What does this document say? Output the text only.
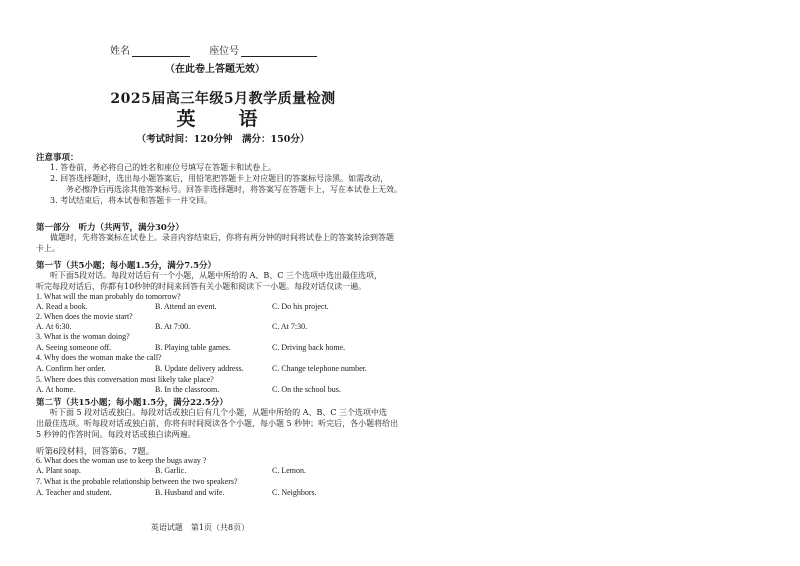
姓名	座位号
（在此卷上答题无效）
2025届高三年级5月教学质量检测
英　语
（考试时间：120分钟　满分：150分）
注意事项：
1. 答卷前，务必将自己的姓名和座位号填写在答题卡和试卷上。
2. 回答选择题时，选出每小题答案后，用铅笔把答题卡上对应题目的答案标号涂黑。如需改动，
务必擦净后再选涂其他答案标号。回答非选择题时，将答案写在答题卡上，写在本试卷上无效。
3. 考试结束后，将本试卷和答题卡一并交回。
第一部分　听力（共两节，满分30分）
做题时，先将答案标在试卷上。录音内容结束后，你将有两分钟的时间将试卷上的答案转涂到答题
卡上。
第一节（共5小题；每小题1.5分，满分7.5分）
听下面5段对话。每段对话后有一个小题，从题中所给的 A、B、C 三个选项中选出最佳选项，
听完每段对话后，你都有10秒钟的时间来回答有关小题和阅读下一小题。每段对话仅读一遍。
1. What will the man probably do tomorrow?
A. Read a book.	B. Attend an event.	C. Do his project.
2. When does the movie start?
A. At 6:30.	B. At 7:00.	C. At 7:30.
3. What is the woman doing?
A. Seeing someone off.	B. Playing table games.	C. Driving back home.
4. Why does the woman make the call?
A. Confirm her order.	B. Update delivery address.	C. Change telephone number.
5. Where does this conversation most likely take place?
A. At home.	B. In the classroom.	C. On the school bus.
第二节（共15小题；每小题1.5分，满分22.5分）
听下面 5 段对话或独白。每段对话或独白后有几个小题，从题中所给的 A、B、C 三个选项中选
出最佳选项。听每段对话或独白前，你将有时间阅读各个小题，每小题 5 秒钟；听完后，各小题将给出
5 秒钟的作答时间。每段对话或独白读两遍。
听第6段材料，回答第6、7题。
6. What does the woman use to keep the bugs away ?
A. Plant soap.	B. Garlic.	C. Lemon.
7. What is the probable relationship between the two speakers?
A. Teacher and student.	B. Husband and wife.	C. Neighbors.
英语试题　第1页（共8页）
